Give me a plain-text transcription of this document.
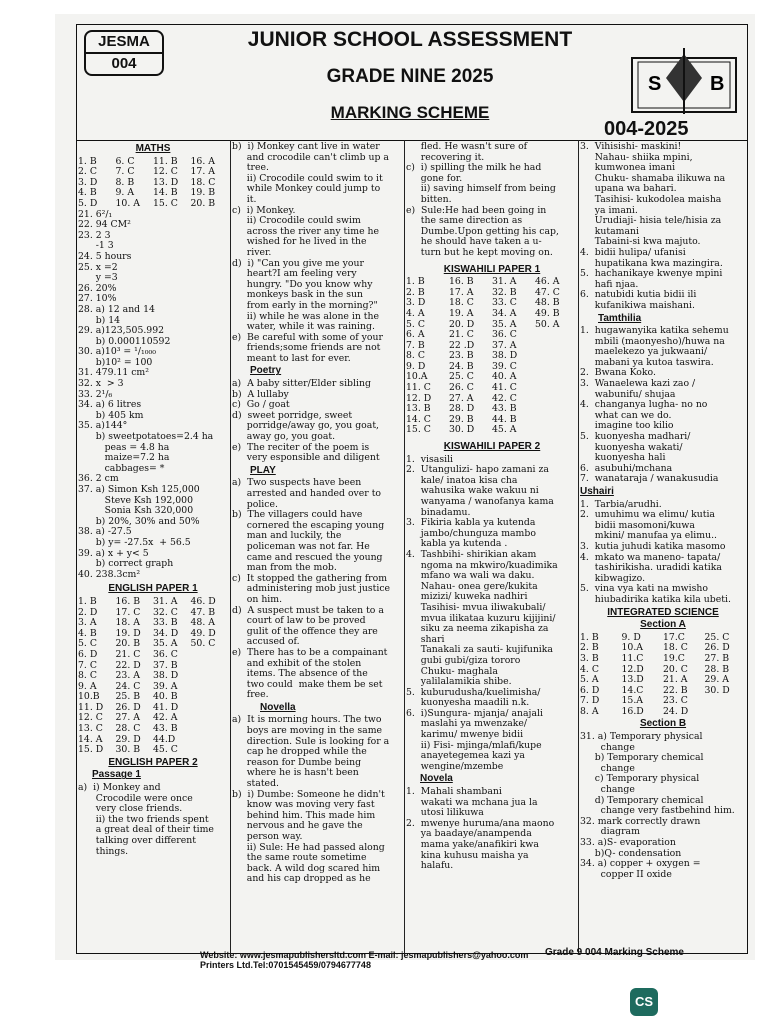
JESMA
004
JUNIOR SCHOOL ASSESSMENT
GRADE NINE 2025
MARKING SCHEME
S B
004-2025
MATHS
1. B	6. C	11. B	16. A
2. C	7. C	12. C	17. A
3. D	8. B	13. D	18. C
4. B	9. A	14. B	19. B
5. D	10. A	15. C	20. B
21. 6²/₁
22. 94 CM²
23. 2 3
-1 3
24. 5 hours
25. x =2
y =3
26. 20%
27. 10%
28. a) 12 and 14
b) 14
29. a)123,505.992
b) 0.000110592
30. a)10³ = ¹/₁₀₀₀
b)10² = 100
31. 479.11 cm²
32. x  > 3
33. 2¹/₆
34. a) 6 litres
b) 405 km
35. a)144°
b) sweetpotatoes=2.4 ha
peas = 4.8 ha
maize=7.2 ha
cabbages= *
36. 2 cm
37. a) Simon Ksh 125,000
Steve Ksh 192,000
Sonia Ksh 320,000
b) 20%, 30% and 50%
38. a) -27.5
b) y= -27.5x  + 56.5
39. a) x + y< 5
b) correct graph
40. 238.3cm²
ENGLISH PAPER 1
1. B	16. B	31. A	46. D
2. D	17. C	32. C	47. B
3. A	18. A	33. B	48. A
4. B	19. D	34. D	49. D
5. C	20. B	35. A	50. C
6. D	21. C	36. C
7. C	22. D	37. B
8. C	23. A	38. D
9. A	24. C	39. A
10.B	25. B	40. B
11. D	26. D	41. D
12. C	27. A	42. A
13. C	28. C	43. B
14. A	29. D	44.D
15. D	30. B	45. C
ENGLISH PAPER 2
Passage 1
a)  i) Monkey and
Crocodile were once
very close friends.
ii) the two friends spent
a great deal of their time
talking over different
things.
b)  i) Monkey cant live in water
and crocodile can't climb up a
tree.
ii) Crocodile could swim to it
while Monkey could jump to
it.
c)  i) Monkey.
ii) Crocodile could swim
across the river any time he
wished for he lived in the
river.
d)  i) "Can you give me your
heart?I am feeling very
hungry. "Do you know why
monkeys bask in the sun
from early in the morning?"
ii) while he was alone in the
water, while it was raining.
e)  Be careful with some of your
friends;some friends are not
meant to last for ever.
Poetry
a)  A baby sitter/Elder sibling
b)  A lullaby
c)  Go / goat
d)  sweet porridge, sweet
porridge/away go, you goat,
away go, you goat.
e)  The reciter of the poem is
very esponsible and diligent
PLAY
a)  Two suspects have been
arrested and handed over to
police.
b)  The villagers could have
cornered the escaping young
man and luckily, the
policeman was not far. He
came and rescued the young
man from the mob.
c)  It stopped the gathering from
administering mob just justice
on him.
d)  A suspect must be taken to a
court of law to be proved
gulit of the offence they are
accused of.
e)  There has to be a compainant
and exhibit of the stolen
items. The absence of the
two could  make them be set
free.
Novella
a)  It is morning hours. The two
boys are moving in the same
direction. Sule is looking for a
cap he dropped while the
reason for Dumbe being
where he is hasn't been
stated.
b)  i) Dumbe: Someone he didn't
know was moving very fast
behind him. This made him
nervous and he gave the
person way.
ii) Sule: He had passed along
the same route sometime
back. A wild dog scared him
and his cap dropped as he
fled. He wasn't sure of
recovering it.
c)  i) spilling the milk he had
gone for.
ii) saving himself from being
bitten.
e)  Sule:He had been going in
the same direction as
Dumbe.Upon getting his cap,
he should have taken a u-
turn but he kept moving on.
KISWAHILI PAPER 1
1. B	16. B	31. A	46. A
2. B	17. A	32. B	47. C
3. D	18. C	33. C	48. B
4. A	19. A	34. A	49. B
5. C	20. D	35. A	50. A
6. A	21. C	36. C
7. B	22 .D	37. A
8. C	23. B	38. D
9. D	24. B	39. C
10.A	25. C	40. A
11. C	26. C	41. C
12. D	27. A	42. C
13. B	28. D	43. B
14. C	29. B	44. B
15. C	30. D	45. A
KISWAHILI PAPER 2
1.  visasili
2.  Utangulizi- hapo zamani za
kale/ inatoa kisa cha
wahusika wake wakuu ni
wanyama / wanofanya kama
binadamu.
3.  Fikiria kabla ya kutenda
jambo/chunguza mambo
kabla ya kutenda .
4.  Tashbihi- shirikian akam
ngoma na mkwiro/kuadimika
mfano wa wali wa daku.
Nahau- onea gere/kukita
mizizi/ kuweka nadhiri
Tasihisi- mvua iliwakubali/
mvua ilikataa kuzuru kijijini/
siku za neema zikapisha za
shari
Tanakali za sauti- kujifunika
gubi gubi/giza tororo
Chuku- maghala
yalilalamikia shibe.
5.  kuburudusha/kuelimisha/
kuonyesha maadili n.k.
6.  i)Sungura- mjanja/ anajali
maslahi ya mwenzake/
karimu/ mwenye bidii
ii) Fisi- mjinga/mlafi/kupe
anayetegemea kazi ya
wengine/mzembe
Novela
1.  Mahali shambani
wakati wa mchana jua la
utosi lilikuwa
2.  mwenye huruma/ana maono
ya baadaye/anampenda
mama yake/anafikiri kwa
kina kuhusu maisha ya
halafu.
3.  Vihisishi- maskini!
Nahau- shiika mpini,
kumwonea imani
Chuku- shamaba ilikuwa na
upana wa bahari.
Tasihisi- kukodolea maisha
ya imani.
Urudiaji- hisia tele/hisia za
kutamani
Tabaini-si kwa majuto.
4.  bidii hulipa/ ufanisi
hupatikana kwa mazingira.
5.  hachanikaye kwenye mpini
hafi njaa.
6.  natubidi kutia bidii ili
kufanikiwa maishani.
Tamthilia
1.  hugawanyika katika sehemu
mbili (maonyesho)/huwa na
maelekezo ya jukwaani/
mabani ya kutoa taswira.
2.  Bwana Koko.
3.  Wanaelewa kazi zao /
wabunifu/ shujaa
4.  changanya lugha- no no
what can we do.
imagine too kilio
5.  kuonyesha madhari/
kuonyesha wakati/
kuonyesha hali
6.  asubuhi/mchana
7.  wanataraja / wanakusudia
Ushairi
1.  Tarbia/arudhi.
2.  umuhimu wa elimu/ kutia
bidii masomoni/kuwa
mkini/ manufaa ya elimu..
3.  kutia juhudi katika masomo
4.  mkato wa maneno- tapata/
tashirikisha. uradidi katika
kibwagizo.
5.  vina vya kati na mwisho
hiubadirika katika kila ubeti.
INTEGRATED SCIENCE
Section A
1. B	9. D	17.C	25. C
2. B	10.A	18. C	26. D
3. B	11.C	19.C	27. B
4. C	12.D	20. C	28. B
5. A	13.D	21. A	29. A
6. D	14.C	22. B	30. D
7. D	15.A	23. C
8. A	16.D	24. D
Section B
31. a) Temporary physical
change
b) Temporary chemical
change
c) Temporary physical
change
d) Temporary chemical
change very fastbehind him.
32. mark correctly drawn
diagram
33. a)S- evaporation
b)Q- condensation
34. a) copper + oxygen =
copper II oxide
Website: www.jesmapublishersltd.com E-mail: jesmapublishers@yahoo.com
Printers Ltd.Tel:0701545459/0794677748
Grade 9 004 Marking Scheme
CS
